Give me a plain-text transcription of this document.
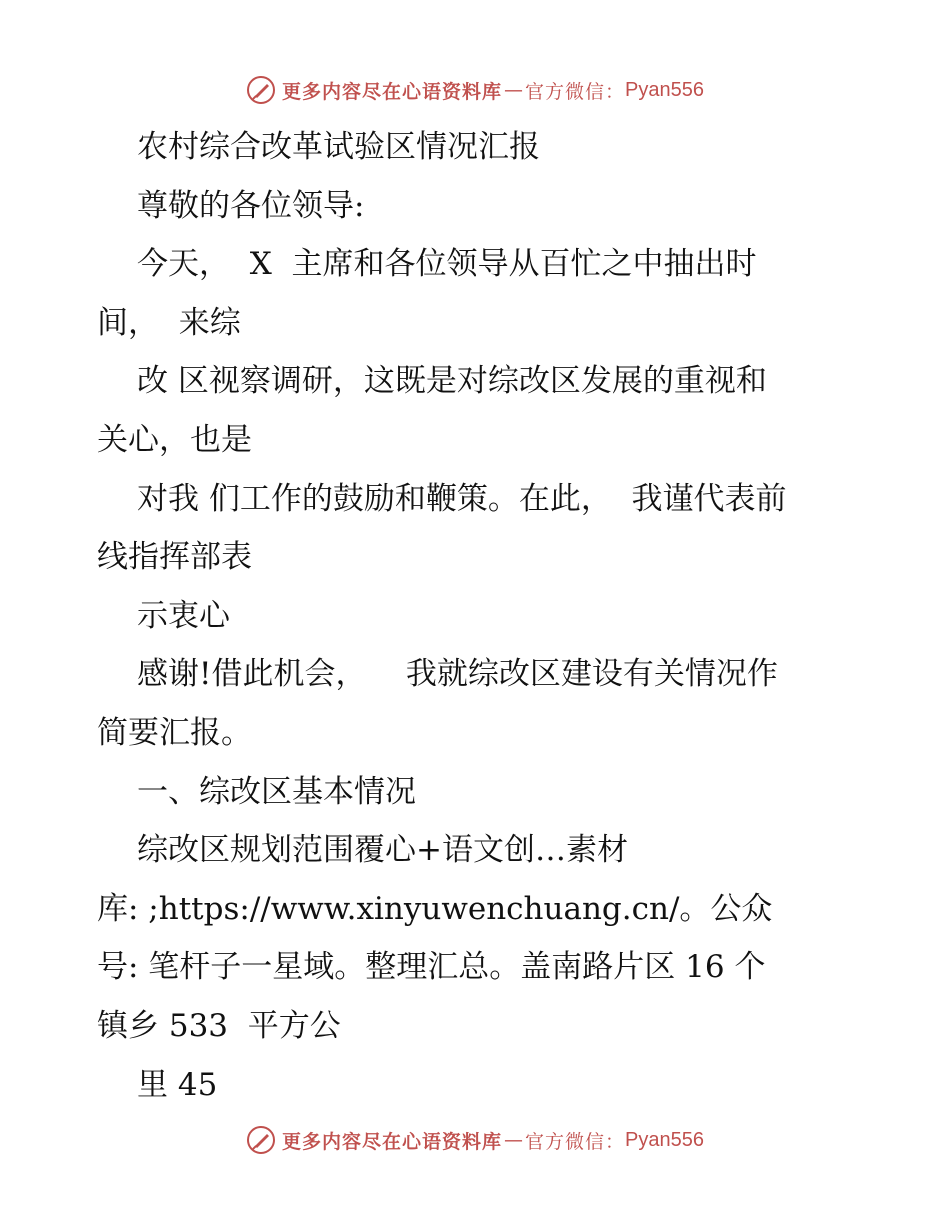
更多内容尽在心语资料库 — 官方微信： Pyan556

农村综合改革试验区情况汇报

尊敬的各位领导:

今天，  X  主席和各位领导从百忙之中抽出时

间，  来综

改 区视察调研，这既是对综改区发展的重视和

关心，也是

对我 们工作的鼓励和鞭策。在此，  我谨代表前

线指挥部表

示衷心

感谢!借此机会，    我就综改区建设有关情况作

简要汇报。

一、综改区基本情况

综改区规划范围覆心+语文创…素材

库: ;https://www.xinyuwenchuang.cn/。公众

号: 笔杆子一星域。整理汇总。盖南路片区 16 个

镇乡 533  平方公

里 45

更多内容尽在心语资料库 — 官方微信： Pyan556
